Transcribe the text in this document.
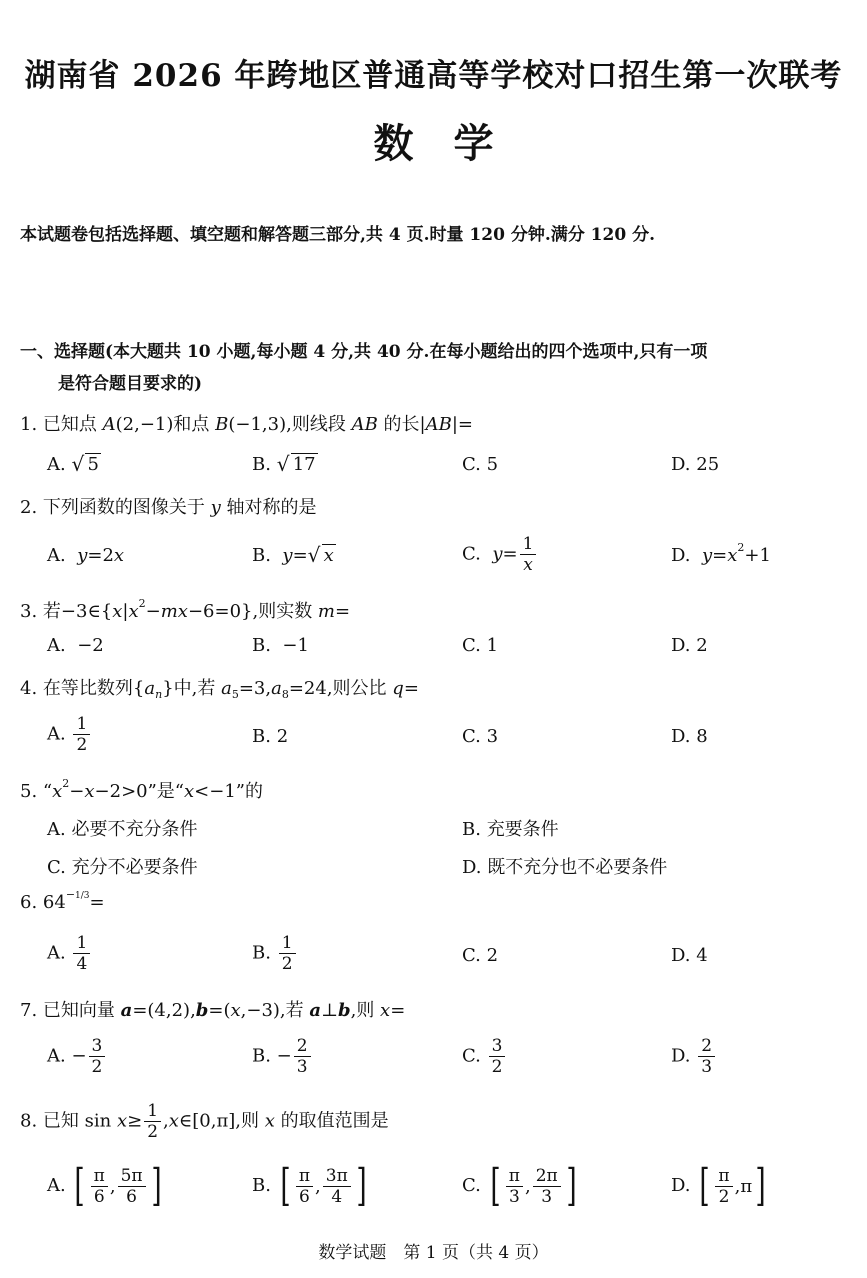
湖南省 2026 年跨地区普通高等学校对口招生第一次联考
数学
本试题卷包括选择题、填空题和解答题三部分,共 4 页.时量 120 分钟.满分 120 分.
一、选择题(本大题共 10 小题,每小题 4 分,共 40 分.在每小题给出的四个选项中,只有一项
是符合题目要求的)
1. 已知点 A(2,−1)和点 B(−1,3),则线段 AB 的长|AB|=
A. √ 5	B. √ 17	C. 5	D. 25
2. 下列函数的图像关于 y 轴对称的是
A. y=2x	B. y= √ x	C. $y= \frac{1}{x}$	D. $y=x^2+1$
3. 若$-3\in\{x|x^2-mx-6=0\}$,则实数 m=
A. −2	B. −1	C. 1	D. 2
4. 在等比数列$\{a_n\}$中,若 $a_5=3,a_8=24$,则公比 q=
A. $\frac{1}{2}$	B. 2	C. 3	D. 8
5. “$x^2-x-2>0$”是“x<−1”的
A. 必要不充分条件	B. 充要条件
C. 充分不必要条件	D. 既不充分也不必要条件
6. $64^{-1/3}=$
A. $\frac{1}{4}$	B. $\frac{1}{2}$	C. 2	D. 4
7. 已知向量 a=(4,2),b=(x,−3),若 a⊥b,则 x=
A. − $\frac{3}{2}$	B. − $\frac{2}{3}$	C. $\frac{3}{2}$	D. $\frac{2}{3}$
8. 已知 $\sin x\ge \frac{1}{2}$ ,x∈[0,π],则 x 的取值范围是
A. [ $\frac{\pi}{6}$ , $\frac{5\pi}{6}$ ]	B. [ $\frac{\pi}{6}$ , $\frac{3\pi}{4}$ ]	C. [ $\frac{\pi}{3}$ , $\frac{2\pi}{3}$ ]	D. [ $\frac{\pi}{2} ,\pi$ ]
数学试题　第 1 页（共 4 页）
